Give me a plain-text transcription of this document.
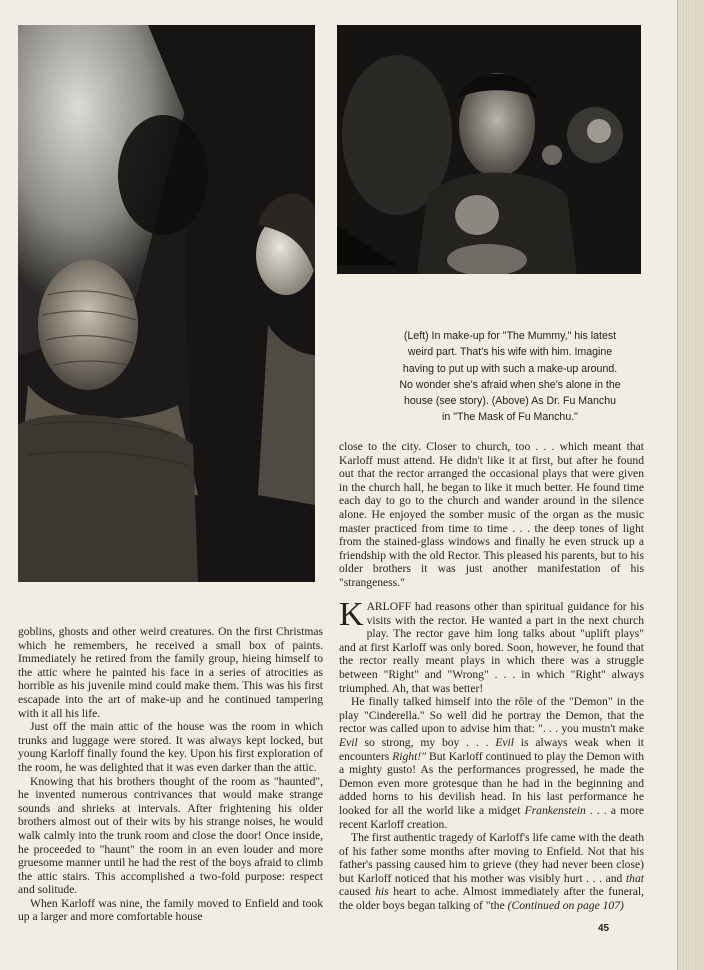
(Left) In make-up for "The Mummy," his latest
weird part. That's his wife with him. Imagine
having to put up with such a make-up around.
No wonder she's afraid when she's alone in the
house (see story). (Above) As Dr. Fu Manchu
in "The Mask of Fu Manchu."

close to the city. Closer to church, too . . . which meant that Karloff must attend. He didn't like it at first, but after he found out that the rector arranged the occasional plays that were given in the church hall, he began to like it much better. He found time each day to go to the church and wander around in the silence alone. He enjoyed the somber music of the organ as the music master practiced from time to time . . . the deep tones of light from the stained-glass windows and finally he even struck up a friendship with the old Rector. This pleased his parents, but to his older brothers it was just another manifestation of his "strangeness."

goblins, ghosts and other weird creatures. On the first Christmas which he remembers, he received a small box of paints. Immediately he retired from the family group, hieing himself to the attic where he painted his face in a series of atrocities as horrible as his juvenile mind could make them. This was his first escapade into the art of make-up and he continued tampering with it all his life.

Just off the main attic of the house was the room in which trunks and luggage were stored. It was always kept locked, but young Karloff finally found the key. Upon his first exploration of the room, he was delighted that it was even darker than the attic.

Knowing that his brothers thought of the room as "haunted", he invented numerous contrivances that would make strange sounds and shrieks at intervals. After frightening his older brothers almost out of their wits by his strange noises, he would walk calmly into the trunk room and close the door! Once inside, he proceeded to "haunt" the room in an even louder and more gruesome manner until he had the rest of the boys afraid to climb the attic stairs. This accomplished a two-fold purpose: respect and solitude.

When Karloff was nine, the family moved to Enfield and took up a larger and more comfortable house

KARLOFF had reasons other than spiritual guidance for his visits with the rector. He wanted a part in the next church play. The rector gave him long talks about "uplift plays" and at first Karloff was only bored. Soon, however, he found that the rector really meant plays in which there was a struggle between "Right" and "Wrong" . . . in which "Right" always triumphed. Ah, that was better!

He finally talked himself into the rôle of the "Demon" in the play "Cinderella." So well did he portray the Demon, that the rector was called upon to advise him that: ". . . you mustn't make Evil so strong, my boy . . . Evil is always weak when it encounters Right!" But Karloff continued to play the Demon with a mighty gusto! As the performances progressed, he made the Demon even more grotesque than he had in the beginning and added horns to his devilish head. In his last performance he looked for all the world like a midget Frankenstein . . . a more recent Karloff creation.

The first authentic tragedy of Karloff's life came with the death of his father some months after moving to Enfield. Not that his father's passing caused him to grieve (they had never been close) but Karloff noticed that his mother was visibly hurt . . . and that caused his heart to ache. Almost immediately after the funeral, the older boys began talking of "the (Continued on page 107)

45
